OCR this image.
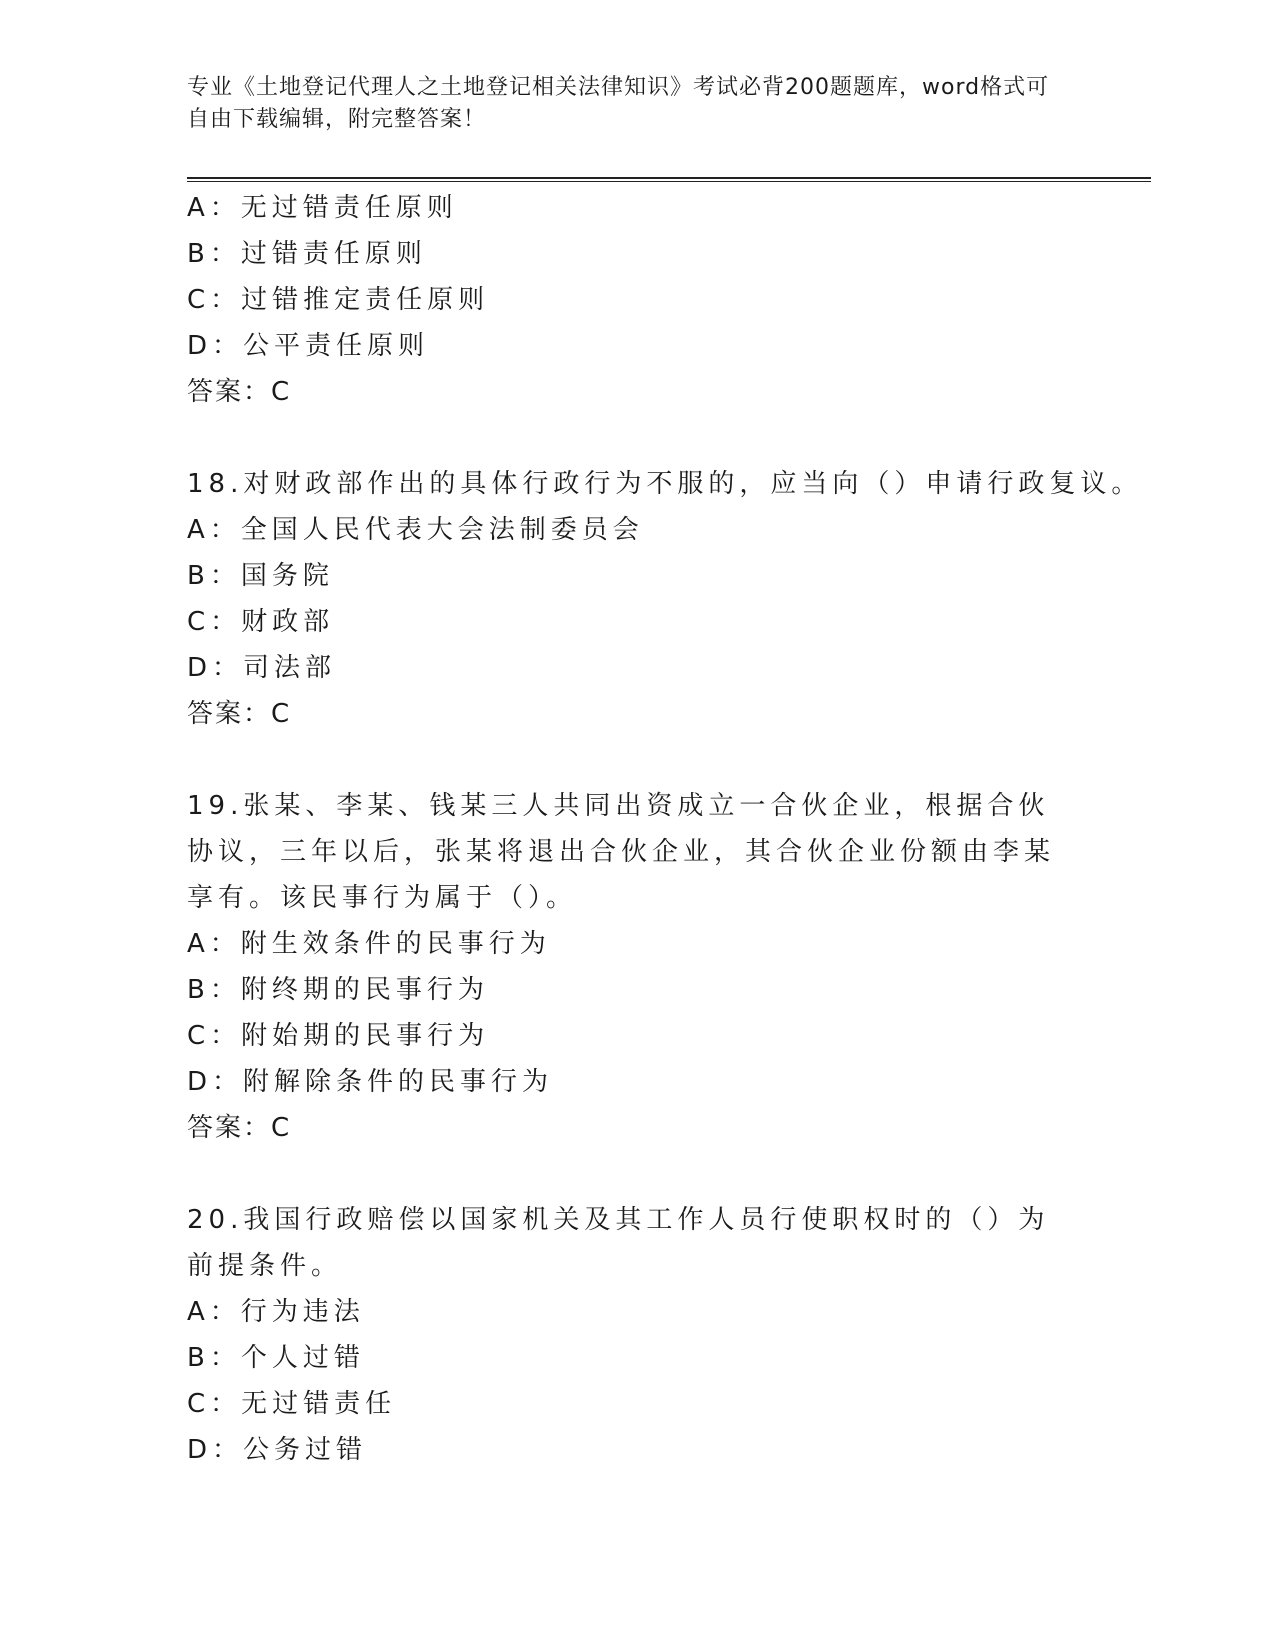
专业《土地登记代理人之土地登记相关法律知识》考试必背200题题库，word格式可自由下载编辑，附完整答案！
A：无过错责任原则
B：过错责任原则
C：过错推定责任原则
D：公平责任原则
答案：C
18.对财政部作出的具体行政行为不服的，应当向（）申请行政复议。
A：全国人民代表大会法制委员会
B：国务院
C：财政部
D：司法部
答案：C
19.张某、李某、钱某三人共同出资成立一合伙企业，根据合伙协议，三年以后，张某将退出合伙企业，其合伙企业份额由李某享有。该民事行为属于（）。
A：附生效条件的民事行为
B：附终期的民事行为
C：附始期的民事行为
D：附解除条件的民事行为
答案：C
20.我国行政赔偿以国家机关及其工作人员行使职权时的（）为前提条件。
A：行为违法
B：个人过错
C：无过错责任
D：公务过错
